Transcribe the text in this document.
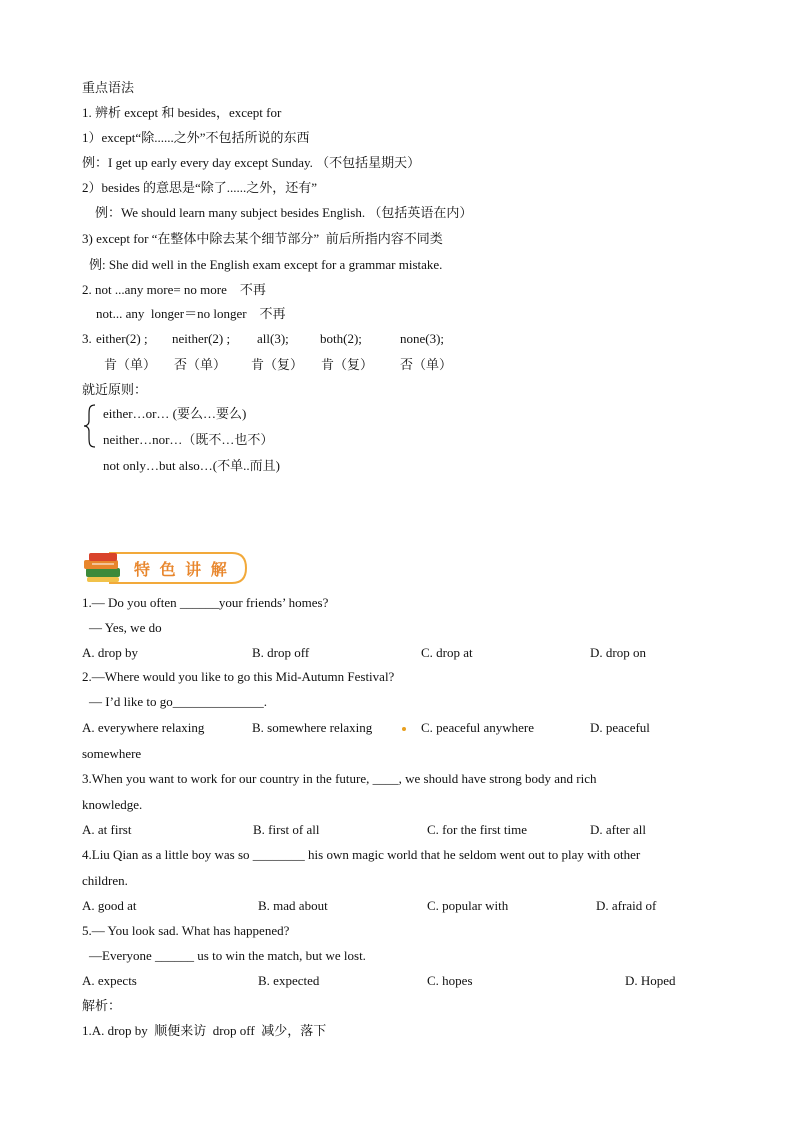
重点语法
1. 辨析 except 和 besides，except for
1）except“除......之外”不包括所说的东西
例：I get up early every day except Sunday. （不包括星期天）
2）besides 的意思是“除了......之外，还有”
例：We should learn many subject besides English. （包括英语在内）
3) except for “在整体中除去某个细节部分”  前后所指内容不同类
例: She did well in the English exam except for a grammar mistake.
2. not ...any more= no more    不再
not... any  longer＝no longer    不再
3. either(2) ; neither(2) ; all(3); both(2);	none(3);
肯（单） 否（单） 肯（复） 肯（复） 否（单）
就近原则：
either…or… (要么…要么)
neither…nor…（既不…也不）
not only…but also…(不单..而且)
特 色 讲 解
1.— Do you often ______your friends’ homes?
— Yes, we do
A. drop by	B. drop off	C. drop at	D. drop on
2.—Where would you like to go this Mid-Autumn Festival?
— I’d like to go______________.
A. everywhere relaxing	B. somewhere relaxing	C. peaceful anywhere	D. peaceful
somewhere
3.When you want to work for our country in the future, ____, we should have strong body and rich
knowledge.
A. at first	B. first of all	C. for the first time	D. after all
4.Liu Qian as a little boy was so ________ his own magic world that he seldom went out to play with other
children.
A. good at	B. mad about	C. popular with	D. afraid of
5.— You look sad. What has happened?
—Everyone ______ us to win the match, but we lost.
A. expects	B. expected	C. hopes	D. Hoped
解析：
1.A. drop by  顺便来访  drop off  减少，落下
